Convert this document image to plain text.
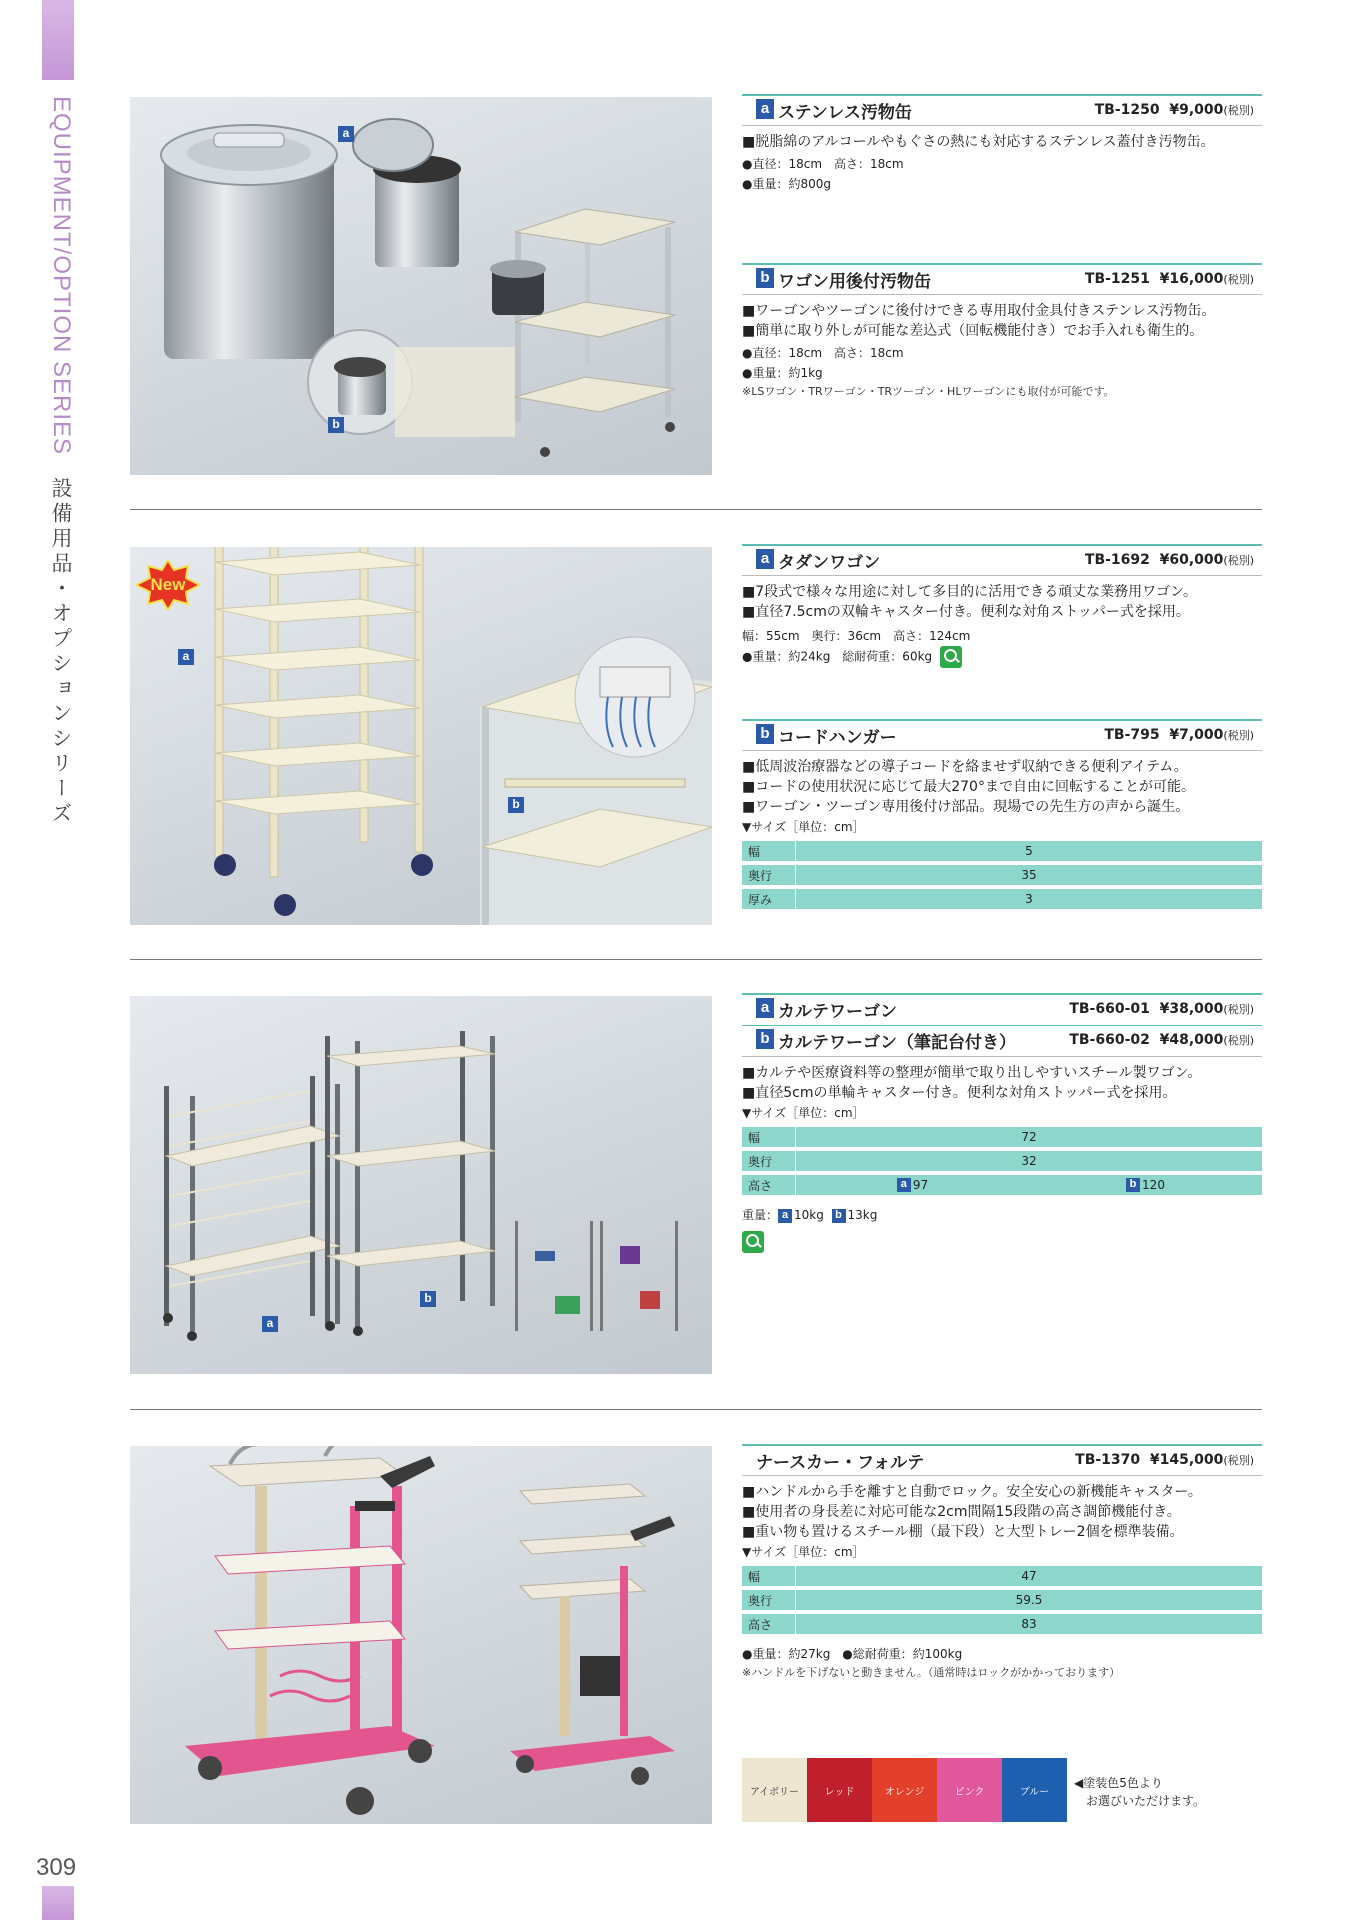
EQUIPMENT/OPTION SERIES 設備用品・オプションシリーズ
309
a
b
a ステンレス汚物缶	TB-1250 ¥9,000(税別)
■脱脂綿のアルコールやもぐさの熱にも対応するステンレス蓋付き汚物缶。
●直径：18cm　高さ：18cm
●重量：約800g
b ワゴン用後付汚物缶	TB-1251 ¥16,000(税別)
■ワーゴンやツーゴンに後付けできる専用取付金具付きステンレス汚物缶。
■簡単に取り外しが可能な差込式（回転機能付き）でお手入れも衛生的。
●直径：18cm　高さ：18cm
●重量：約1kg
※LSワゴン・TRワーゴン・TRツーゴン・HLワーゴンにも取付が可能です。
New
a
b
a タダンワゴン	TB-1692 ¥60,000(税別)
■7段式で様々な用途に対して多目的に活用できる頑丈な業務用ワゴン。
■直径7.5cmの双輪キャスター付き。便利な対角ストッパー式を採用。
幅：55cm　奥行：36cm　高さ：124cm
●重量：約24kg　総耐荷重：60kg
b コードハンガー	TB-795 ¥7,000(税別)
■低周波治療器などの導子コードを絡ませず収納できる便利アイテム。
■コードの使用状況に応じて最大270°まで自由に回転することが可能。
■ワーゴン・ツーゴン専用後付け部品。現場での先生方の声から誕生。
▼サイズ［単位：cm］
幅	5
奥行	35
厚み	3
a
b
a カルテワーゴン	TB-660-01 ¥38,000(税別)
b カルテワーゴン（筆記台付き）	TB-660-02 ¥48,000(税別)
■カルテや医療資料等の整理が簡単で取り出しやすいスチール製ワゴン。
■直径5cmの単輪キャスター付き。便利な対角ストッパー式を採用。
▼サイズ［単位：cm］
幅	72	
奥行	32	
高さ	a 97	b 120
重量： a 10kg b 13kg
ナースカー・フォルテ	TB-1370 ¥145,000(税別)
■ハンドルから手を離すと自動でロック。安全安心の新機能キャスター。
■使用者の身長差に対応可能な2cm間隔15段階の高さ調節機能付き。
■重い物も置けるスチール棚（最下段）と大型トレー2個を標準装備。
▼サイズ［単位：cm］
幅	47
奥行	59.5
高さ	83
●重量：約27kg　●総耐荷重：約100kg
※ハンドルを下げないと動きません。（通常時はロックがかかっております）
アイボリー	レッド	オレンジ	ピンク	ブルー
◀塗装色5色より
　お選びいただけます。
